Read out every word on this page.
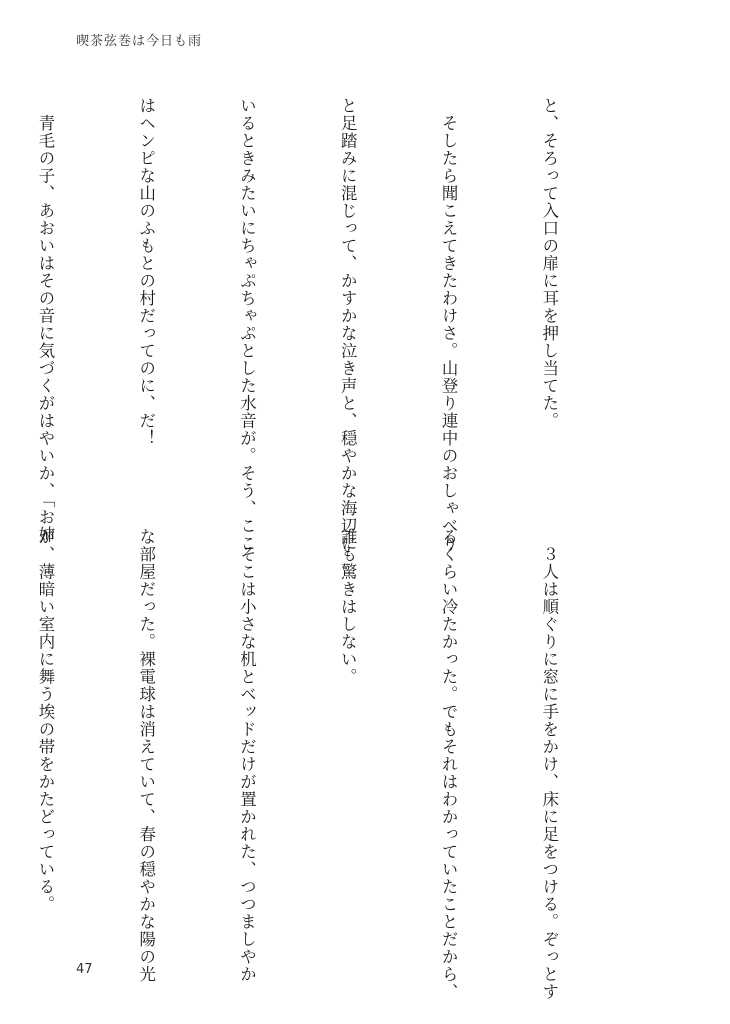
喫茶弦巻は今日も雨

と、そろって入口の扉に耳を押し当てた。

　そしたら聞こえてきたわけさ。山登り連中のおしゃべり

と足踏みに混じって、かすかな泣き声と、穏やかな海辺に

いるときみたいにちゃぷちゃぷとした水音が。そう、ここ

はヘンピな山のふもとの村だってのに、だ！

　青毛の子、あおいはその音に気づくがはやいか、「お姉

　３人は順ぐりに窓に手をかけ、床に足をつける。ぞっとす

るくらい冷たかった。でもそれはわかっていたことだから、

誰も驚きはしない。

　そこは小さな机とベッドだけが置かれた、つつましやか

な部屋だった。裸電球は消えていて、春の穏やかな陽の光

が、薄暗い室内に舞う埃の帯をかたどっている。

47
